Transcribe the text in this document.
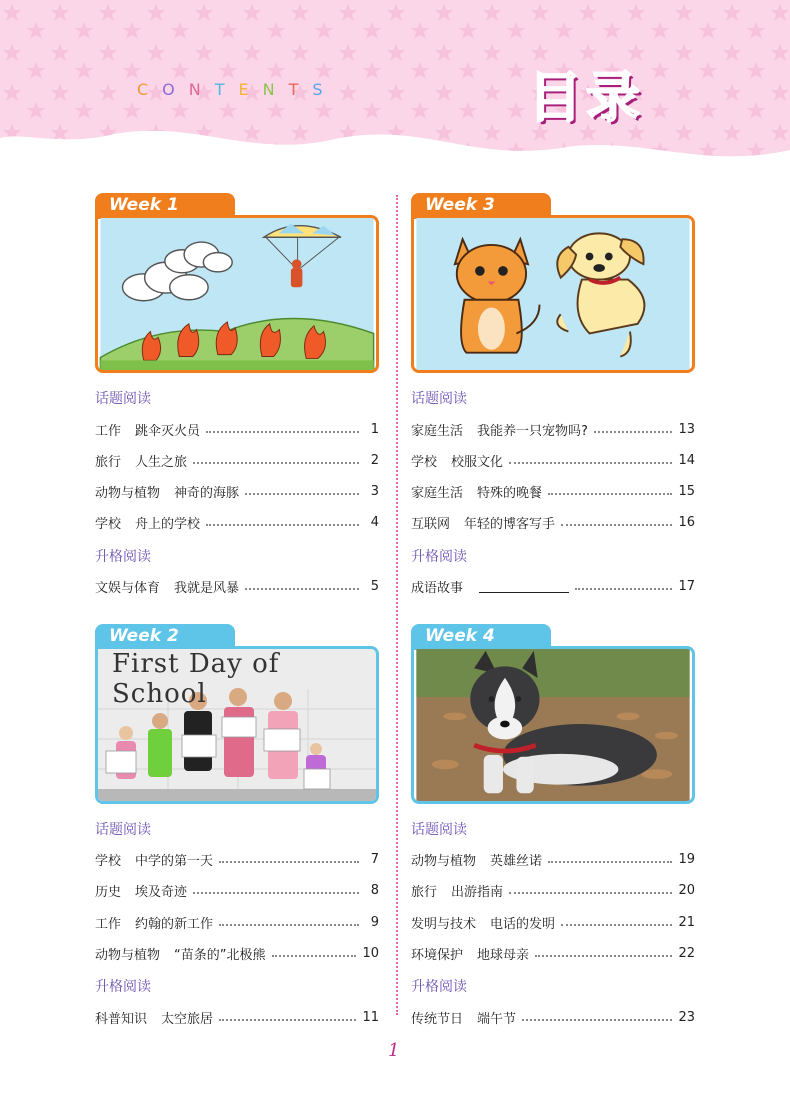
CONTENTS	目录
Week 1	Week 3
Week 2
First Day of School
Week 4
话题阅读
工作 跳伞灭火员	1
旅行 人生之旅	2
动物与植物 神奇的海豚	3
学校 舟上的学校	4
升格阅读
文娱与体育 我就是风暴	5
话题阅读
家庭生活 我能养一只宠物吗?	13
学校 校服文化	14
家庭生活 特殊的晚餐	15
互联网 年轻的博客写手	16
升格阅读
成语故事	17
话题阅读
学校 中学的第一天	7
历史 埃及奇迹	8
工作 约翰的新工作	9
动物与植物 “苗条的”北极熊	10
升格阅读
科普知识 太空旅居	11
话题阅读
动物与植物 英雄丝诺	19
旅行 出游指南	20
发明与技术 电话的发明	21
环境保护 地球母亲	22
升格阅读
传统节日 端午节	23
1
